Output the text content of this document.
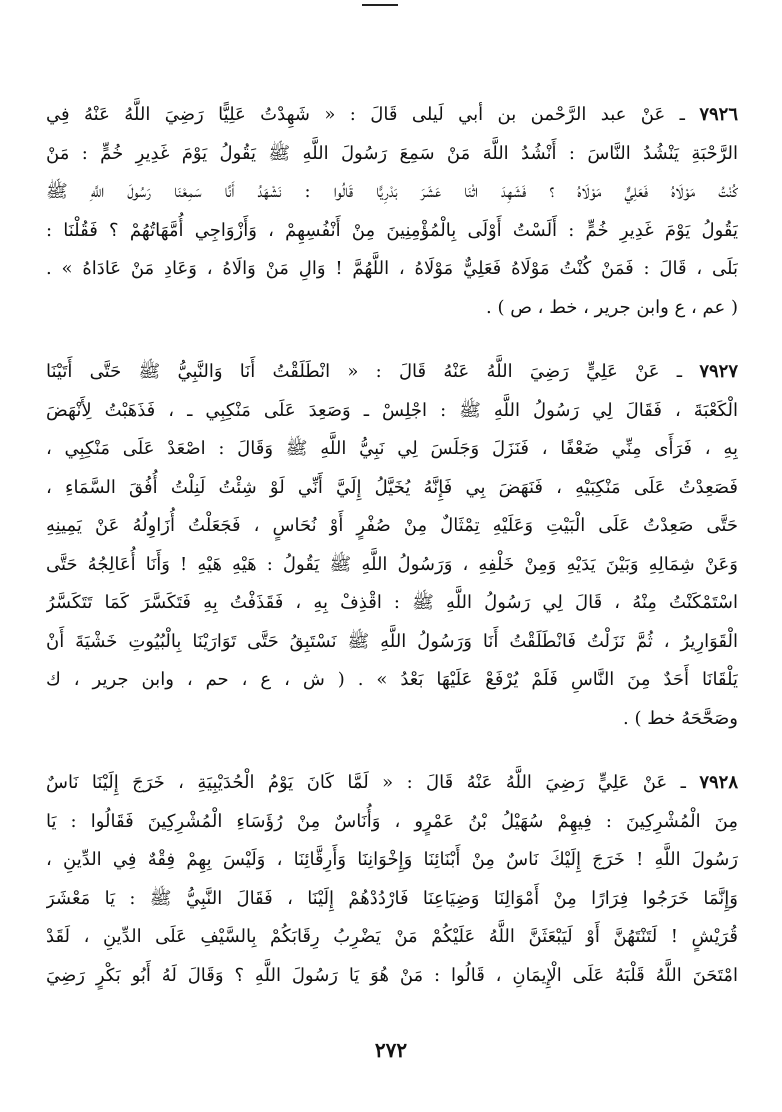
٧٩٢٦ ـ عَنْ عبد الرَّحْمن بن أبي لَيلى قَالَ : « شَهِدْتُ عَلِيًّا رَضِيَ اللَّهُ عَنْهُ فِي
الرَّحْبَةِ يَنْشُدُ النَّاسَ : أَنْشُدُ اللَّهَ مَنْ سَمِعَ رَسُولَ اللَّهِ ﷺ يَقُولُ يَوْمَ غَدِيرِ خُمٍّ : مَنْ
كُنْتُ مَوْلَاهُ فَعَلِيٌّ مَوْلَاهُ ؟ فَشَهِدَ اثْنَا عَشَرَ بَدْرِيًّا قَالُوا : نَشْهَدُ أَنَّا سَمِعْنَا رَسُولَ اللَّهِ ﷺ
يَقُولُ يَوْمَ غَدِيرِ خُمٍّ : أَلَسْتُ أَوْلَى بِالْمُؤْمِنِينَ مِنْ أَنْفُسِهِمْ ، وَأَزْوَاجِي أُمَّهَاتُهُمْ ؟ فَقُلْنَا :
بَلَى ، قَالَ : فَمَنْ كُنْتُ مَوْلَاهُ فَعَلِيٌّ مَوْلَاهُ ، اللَّهُمَّ ! وَالِ مَنْ وَالَاهُ ، وَعَادِ مَنْ عَادَاهُ » .
( عم ، ع وابن جرير ، خط ، ص ) .
٧٩٢٧ ـ عَنْ عَلِيٍّ رَضِيَ اللَّهُ عَنْهُ قَالَ : « انْطَلَقْتُ أَنَا وَالنَّبِيُّ ﷺ حَتَّى أَتَيْنَا
الْكَعْبَةَ ، فَقَالَ لِي رَسُولُ اللَّهِ ﷺ : اجْلِسْ ـ وَصَعِدَ عَلَى مَنْكِبِي ـ ، فَذَهَبْتُ لِأَنْهَضَ
بِهِ ، فَرَأَى مِنِّي ضَعْفًا ، فَنَزَلَ وَجَلَسَ لِي نَبِيُّ اللَّهِ ﷺ وَقَالَ : اصْعَدْ عَلَى مَنْكِبِي ،
فَصَعِدْتُ عَلَى مَنْكِبَيْهِ ، فَنَهَضَ بِي فَإِنَّهُ يُخَيَّلُ إِلَيَّ أَنِّي لَوْ شِئْتُ لَنِلْتُ أُفُقَ السَّمَاءِ ،
حَتَّى صَعِدْتُ عَلَى الْبَيْتِ وَعَلَيْهِ تِمْثَالٌ مِنْ صُفْرٍ أَوْ نُحَاسٍ ، فَجَعَلْتُ أُزَاوِلُهُ عَنْ يَمِينِهِ
وَعَنْ شِمَالِهِ وَبَيْنَ يَدَيْهِ وَمِنْ خَلْفِهِ ، وَرَسُولُ اللَّهِ ﷺ يَقُولُ : هَيْهِ هَيْهِ ! وَأَنَا أُعَالِجُهُ حَتَّى
اسْتَمْكَنْتُ مِنْهُ ، قَالَ لِي رَسُولُ اللَّهِ ﷺ : اقْذِفْ بِهِ ، فَقَذَفْتُ بِهِ فَتَكَسَّرَ كَمَا تَتَكَسَّرُ
الْقَوَارِيرُ ، ثُمَّ نَزَلْتُ فَانْطَلَقْتُ أَنَا وَرَسُولُ اللَّهِ ﷺ نَسْتَبِقُ حَتَّى تَوَارَيْنَا بِالْبُيُوتِ خَشْيَةَ أَنْ
يَلْقَانَا أَحَدٌ مِنَ النَّاسِ فَلَمْ يُرْفَعْ عَلَيْهَا بَعْدُ » . ( ش ، ع ، حم ، وابن جرير ، ك
وصَحَّحَهُ خط ) .
٧٩٢٨ ـ عَنْ عَلِيٍّ رَضِيَ اللَّهُ عَنْهُ قَالَ : « لَمَّا كَانَ يَوْمُ الْحُدَيْبِيَةِ ، خَرَجَ إِلَيْنَا نَاسٌ
مِنَ الْمُشْرِكِينَ : فِيهِمْ سُهَيْلُ بْنُ عَمْرٍو ، وَأُنَاسٌ مِنْ رُؤَسَاءِ الْمُشْرِكِينَ فَقَالُوا : يَا
رَسُولَ اللَّهِ ! خَرَجَ إِلَيْكَ نَاسٌ مِنْ أَبْنَائِنَا وَإِخْوَانِنَا وَأَرِقَّائِنَا ، وَلَيْسَ بِهِمْ فِقْهٌ فِي الدِّينِ ،
وَإِنَّمَا خَرَجُوا فِرَارًا مِنْ أَمْوَالِنَا وَضِيَاعِنَا فَارْدُدْهُمْ إِلَيْنَا ، فَقَالَ النَّبِيُّ ﷺ : يَا مَعْشَرَ
قُرَيْشٍ ! لَتَنْتَهُنَّ أَوْ لَيَبْعَثَنَّ اللَّهُ عَلَيْكُمْ مَنْ يَضْرِبُ رِقَابَكُمْ بِالسَّيْفِ عَلَى الدِّينِ ، لَقَدْ
امْتَحَنَ اللَّهُ قَلْبَهُ عَلَى الْإِيمَانِ ، قَالُوا : مَنْ هُوَ يَا رَسُولَ اللَّهِ ؟ وَقَالَ لَهُ أَبُو بَكْرٍ رَضِيَ
٢٧٢
